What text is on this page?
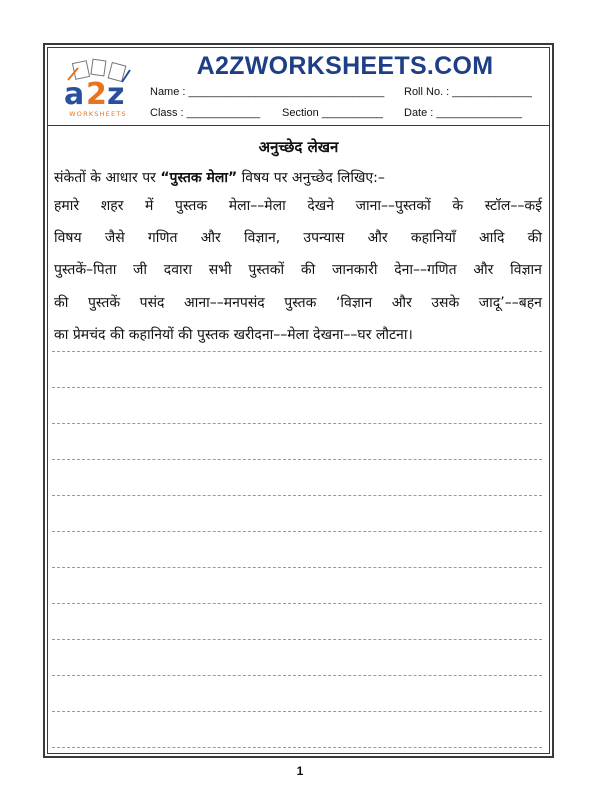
a 2 z
WORKSHEETS
A2ZWORKSHEETS.COM
Name : ________________________________ Roll No. : _____________
Class : ____________ Section __________ Date : ______________
अनुच्छेद लेखन
संकेतों के आधार पर “पुस्तक मेला” विषय पर अनुच्छेद लिखिए:–
हमारे शहर में पुस्तक मेला––मेला देखने जाना––पुस्तकों के स्टॉल––कई
विषय जैसे गणित और विज्ञान, उपन्यास और कहानियाँ आदि की
पुस्तकें–पिता जी दवारा सभी पुस्तकों की जानकारी देना––गणित और विज्ञान
की पुस्तकें पसंद आना––मनपसंद पुस्तक ‘विज्ञान और उसके जादू’––बहन
का प्रेमचंद की कहानियों की पुस्तक खरीदना––मेला देखना––घर लौटना।
1
